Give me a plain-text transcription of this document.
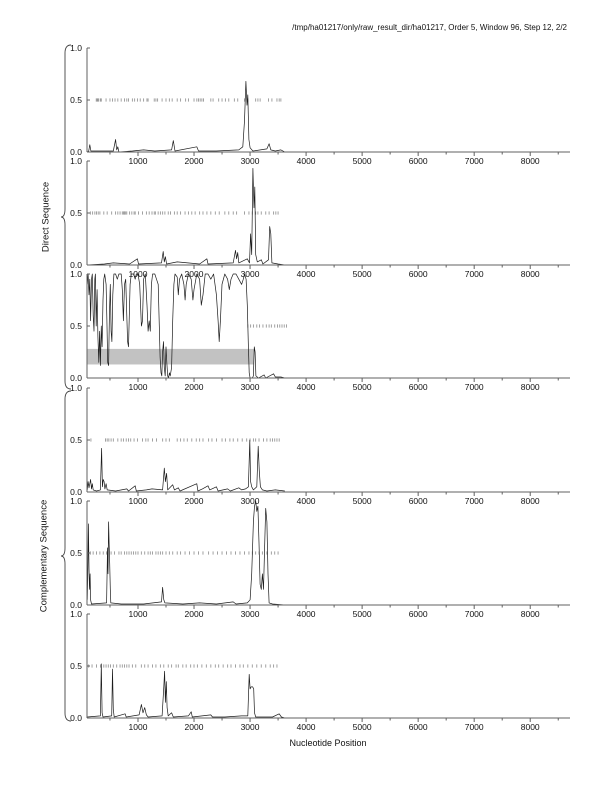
/tmp/ha01217/only/raw_result_dir/ha01217, Order 5, Window 96, Step 12, 2/2
Direct Sequence
Complementary Sequence
0.0
0.5
1.0
1000	2000	3000	4000	5000	6000	7000	8000
0.0
0.5
1.0
1000	2000	3000	4000	5000	6000	7000	8000
0.0
0.5
1.0
1000	2000	3000	4000	5000	6000	7000	8000
0.0
0.5
1.0
1000	2000	3000	4000	5000	6000	7000	8000
0.0
0.5
1.0
1000	2000	3000	4000	5000	6000	7000	8000
0.0
0.5
1.0
1000	2000	3000	4000	5000	6000	7000	8000
Nucleotide Position
